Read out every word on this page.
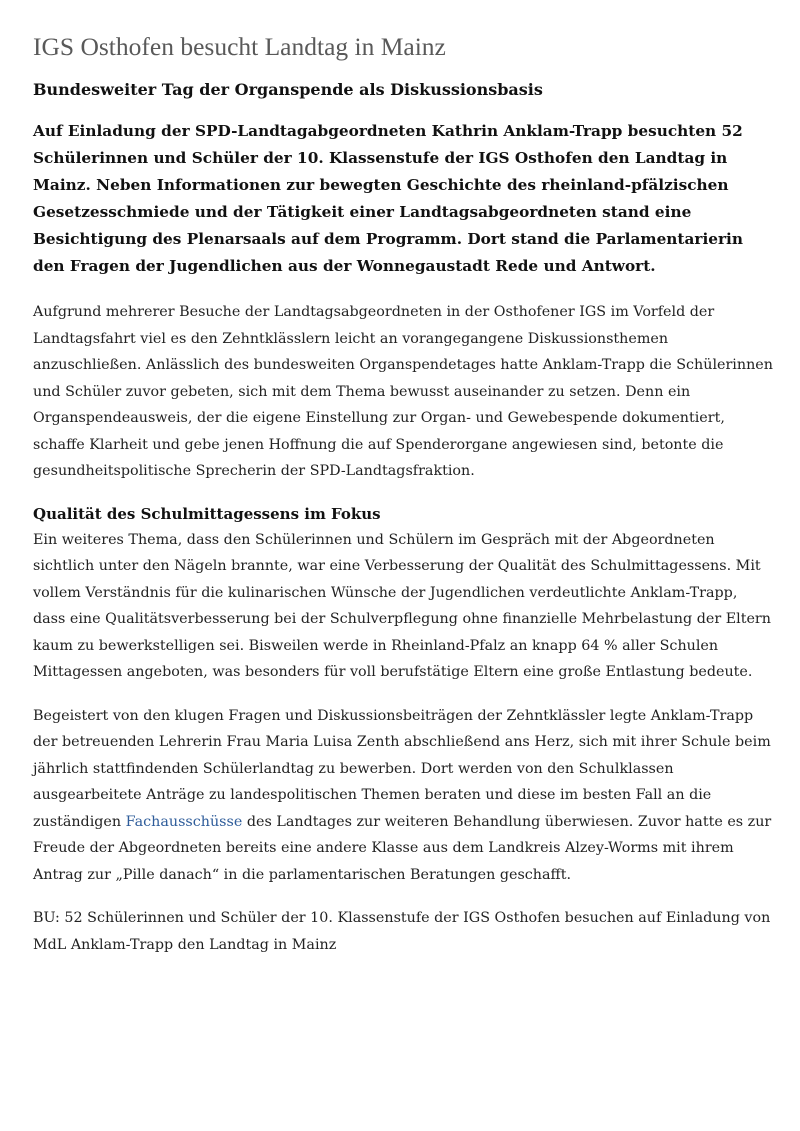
IGS Osthofen besucht Landtag in Mainz
Bundesweiter Tag der Organspende als Diskussionsbasis

Auf Einladung der SPD-Landtagabgeordneten Kathrin Anklam-Trapp besuchten 52 Schülerinnen und Schüler der 10. Klassenstufe der IGS Osthofen den Landtag in Mainz. Neben Informationen zur bewegten Geschichte des rheinland-pfälzischen Gesetzesschmiede und der Tätigkeit einer Landtagsabgeordneten stand eine Besichtigung des Plenarsaals auf dem Programm. Dort stand die Parlamentarierin den Fragen der Jugendlichen aus der Wonnegaustadt Rede und Antwort.

Aufgrund mehrerer Besuche der Landtagsabgeordneten in der Osthofener IGS im Vorfeld der Landtagsfahrt viel es den Zehntklässlern leicht an vorangegangene Diskussionsthemen anzuschließen. Anlässlich des bundesweiten Organspendetages hatte Anklam-Trapp die Schülerinnen und Schüler zuvor gebeten, sich mit dem Thema bewusst auseinander zu setzen. Denn ein Organspendeausweis, der die eigene Einstellung zur Organ- und Gewebespende dokumentiert, schaffe Klarheit und gebe jenen Hoffnung die auf Spenderorgane angewiesen sind, betonte die gesundheitspolitische Sprecherin der SPD-Landtagsfraktion.

Qualität des Schulmittagessens im Fokus

Ein weiteres Thema, dass den Schülerinnen und Schülern im Gespräch mit der Abgeordneten sichtlich unter den Nägeln brannte, war eine Verbesserung der Qualität des Schulmittagessens. Mit vollem Verständnis für die kulinarischen Wünsche der Jugendlichen verdeutlichte Anklam-Trapp, dass eine Qualitätsverbesserung bei der Schulverpflegung ohne finanzielle Mehrbelastung der Eltern kaum zu bewerkstelligen sei. Bisweilen werde in Rheinland-Pfalz an knapp 64 % aller Schulen Mittagessen angeboten, was besonders für voll berufstätige Eltern eine große Entlastung bedeute.

Begeistert von den klugen Fragen und Diskussionsbeiträgen der Zehntklässler legte Anklam-Trapp der betreuenden Lehrerin Frau Maria Luisa Zenth abschließend ans Herz, sich mit ihrer Schule beim jährlich stattfindenden Schülerlandtag zu bewerben. Dort werden von den Schulklassen ausgearbeitete Anträge zu landespolitischen Themen beraten und diese im besten Fall an die zuständigen Fachausschüsse des Landtages zur weiteren Behandlung überwiesen. Zuvor hatte es zur Freude der Abgeordneten bereits eine andere Klasse aus dem Landkreis Alzey-Worms mit ihrem Antrag zur „Pille danach“ in die parlamentarischen Beratungen geschafft.

BU: 52 Schülerinnen und Schüler der 10. Klassenstufe der IGS Osthofen besuchen auf Einladung von MdL Anklam-Trapp den Landtag in Mainz
